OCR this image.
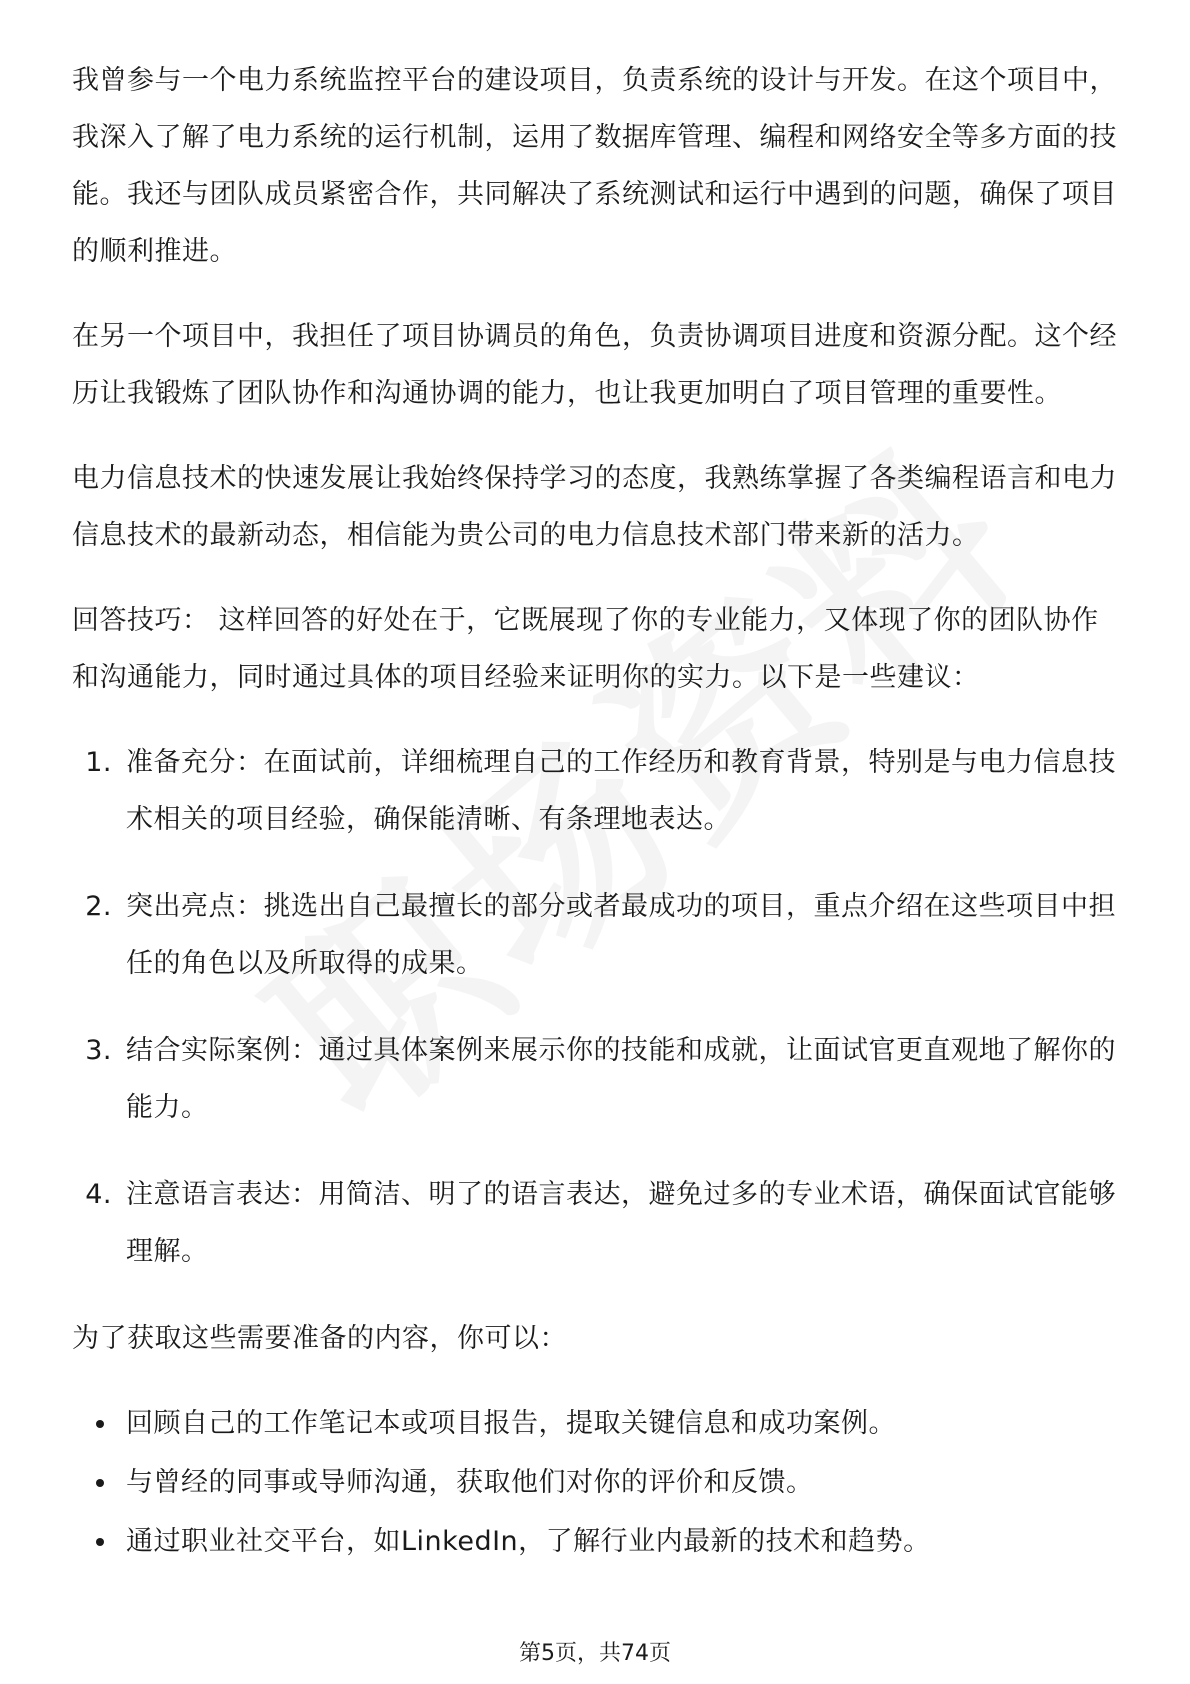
我曾参与一个电力系统监控平台的建设项目，负责系统的设计与开发。在这个项目中，我深入了解了电力系统的运行机制，运用了数据库管理、编程和网络安全等多方面的技能。我还与团队成员紧密合作，共同解决了系统测试和运行中遇到的问题，确保了项目的顺利推进。

在另一个项目中，我担任了项目协调员的角色，负责协调项目进度和资源分配。这个经历让我锻炼了团队协作和沟通协调的能力，也让我更加明白了项目管理的重要性。

电力信息技术的快速发展让我始终保持学习的态度，我熟练掌握了各类编程语言和电力信息技术的最新动态，相信能为贵公司的电力信息技术部门带来新的活力。

回答技巧： 这样回答的好处在于，它既展现了你的专业能力，又体现了你的团队协作和沟通能力，同时通过具体的项目经验来证明你的实力。以下是一些建议：

1. 准备充分：在面试前，详细梳理自己的工作经历和教育背景，特别是与电力信息技术相关的项目经验，确保能清晰、有条理地表达。
2. 突出亮点：挑选出自己最擅长的部分或者最成功的项目，重点介绍在这些项目中担任的角色以及所取得的成果。
3. 结合实际案例：通过具体案例来展示你的技能和成就，让面试官更直观地了解你的能力。
4. 注意语言表达：用简洁、明了的语言表达，避免过多的专业术语，确保面试官能够理解。

为了获取这些需要准备的内容，你可以：

回顾自己的工作笔记本或项目报告，提取关键信息和成功案例。
与曾经的同事或导师沟通，获取他们对你的评价和反馈。
通过职业社交平台，如LinkedIn，了解行业内最新的技术和趋势。
第5页，共74页
